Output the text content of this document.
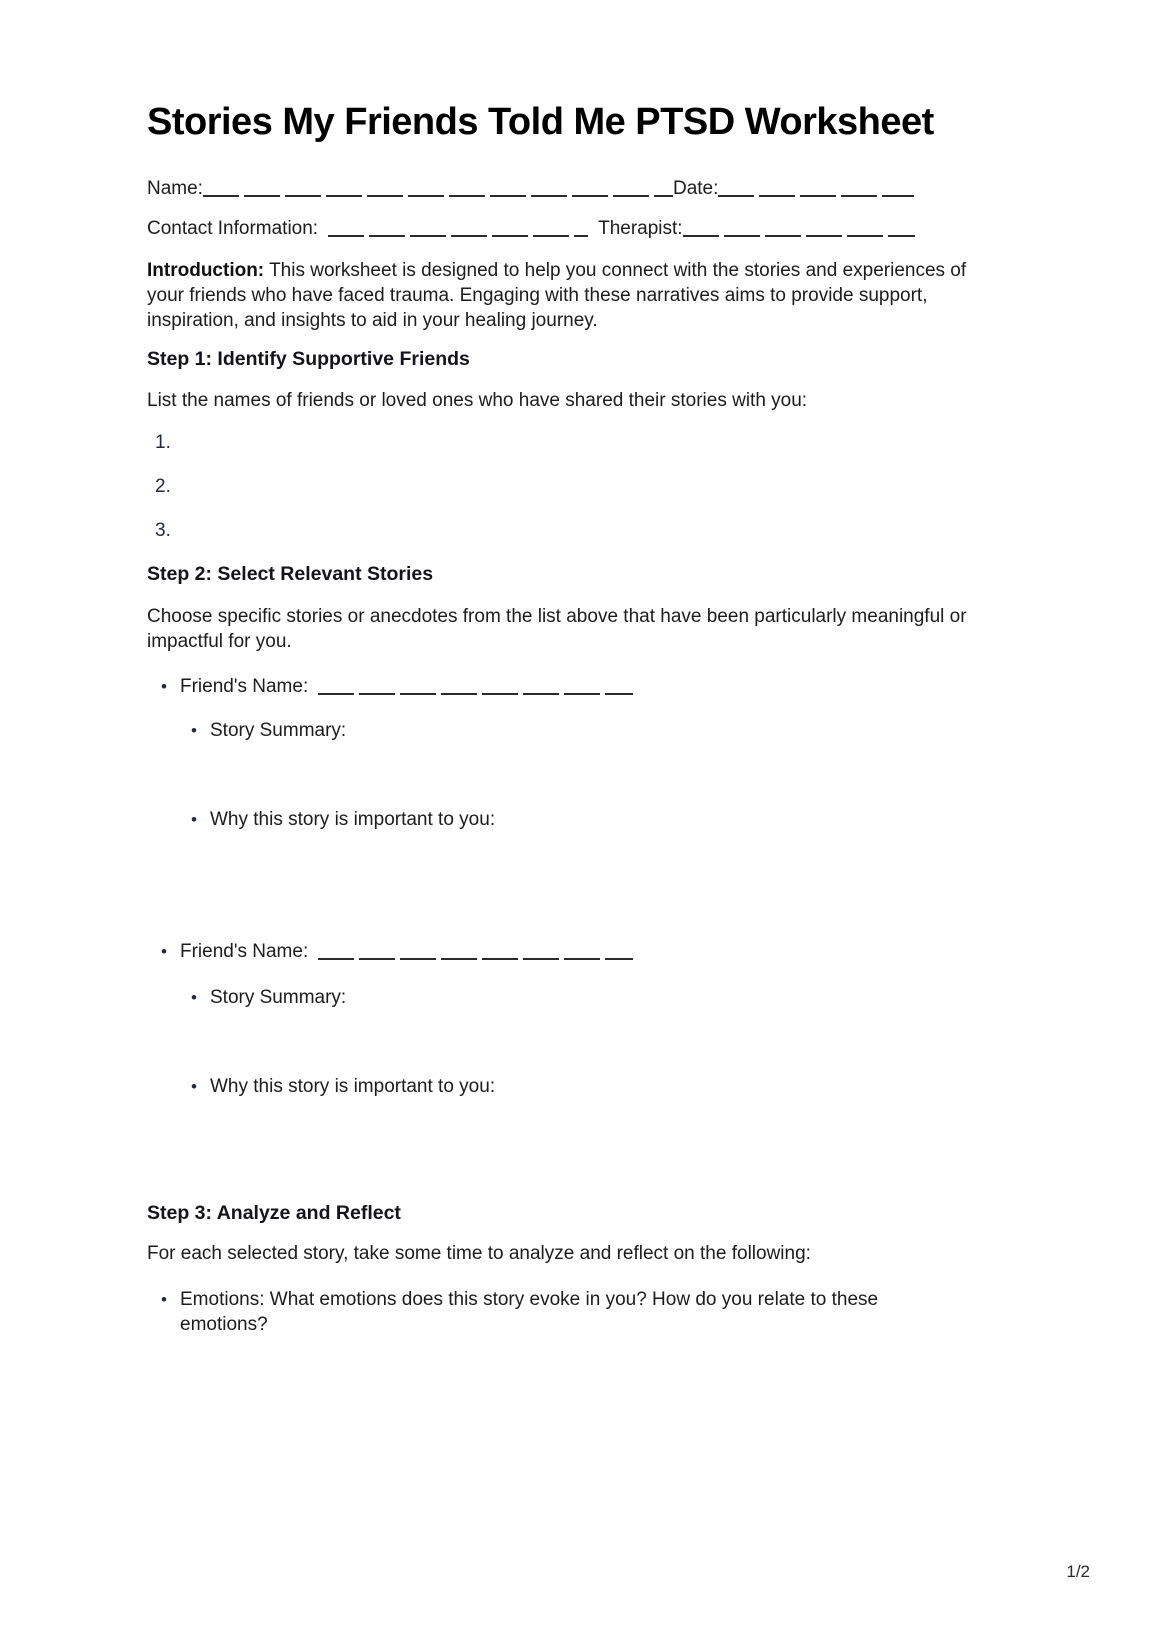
Stories My Friends Told Me PTSD Worksheet
Name:	Date:
Contact Information:	Therapist:

Introduction: This worksheet is designed to help you connect with the stories and experiences of your friends who have faced trauma. Engaging with these narratives aims to provide support, inspiration, and insights to aid in your healing journey.

Step 1: Identify Supportive Friends

List the names of friends or loved ones who have shared their stories with you:

1.
2.
3.
Step 2: Select Relevant Stories

Choose specific stories or anecdotes from the list above that have been particularly meaningful or impactful for you.

• Friend's Name:
• Story Summary:
• Why this story is important to you:
• Friend's Name:
• Story Summary:
• Why this story is important to you:
Step 3: Analyze and Reflect

For each selected story, take some time to analyze and reflect on the following:

• Emotions: What emotions does this story evoke in you? How do you relate to these emotions?
1/2
